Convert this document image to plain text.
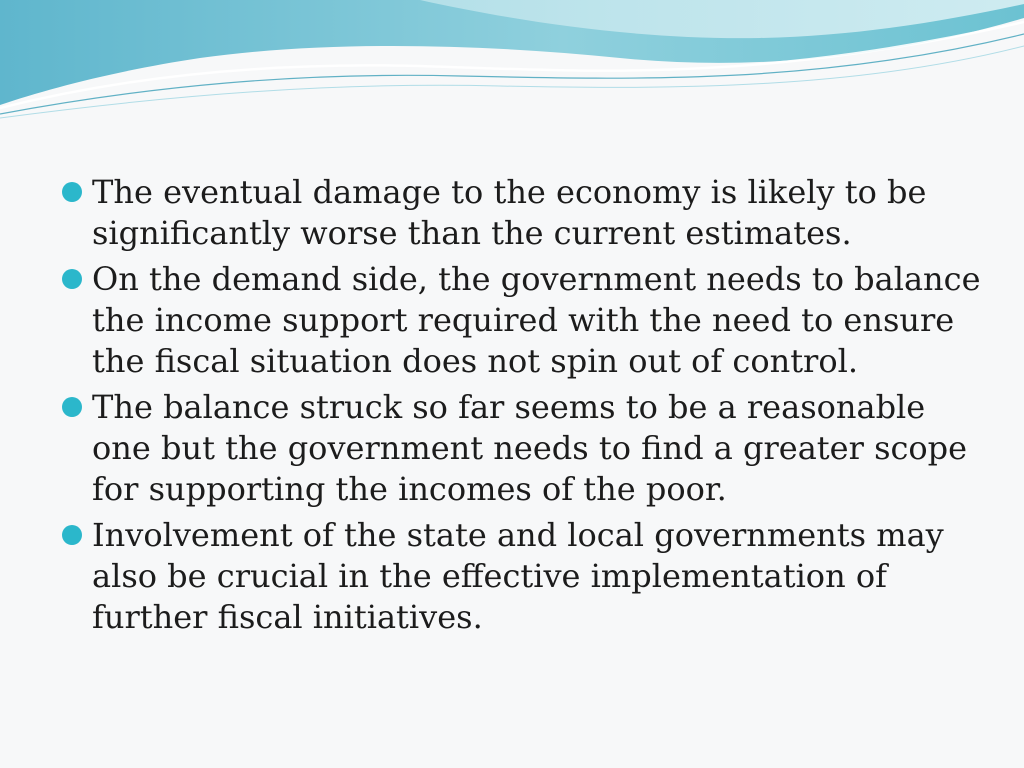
The eventual damage to the economy is likely to be significantly worse than the current estimates.
On the demand side, the government needs to balance the income support required with the need to ensure the fiscal situation does not spin out of control.
The balance struck so far seems to be a reasonable one but the government needs to find a greater scope for supporting the incomes of the poor.
Involvement of the state and local governments may also be crucial in the effective implementation of further fiscal initiatives.
